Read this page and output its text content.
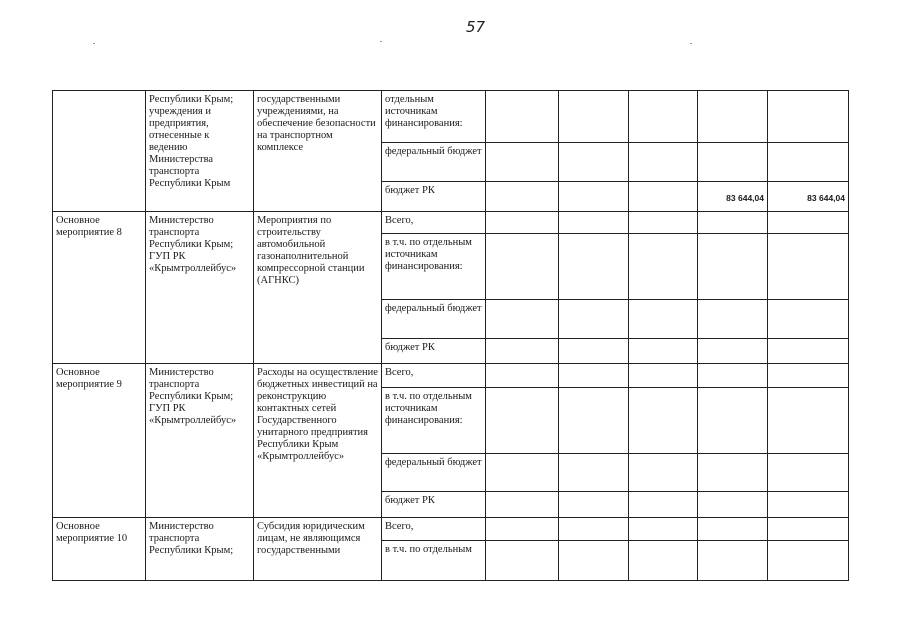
57
	Республики Крым; учреждения и предприятия, отнесенные к ведению Министерства транспорта Республики Крым	государственными учреждениями, на обеспечение безопасности на транспортном комплексе	отдельным источникам финансирования:					
			федеральный бюджет					
			бюджет РК				83 644,04	83 644,04
Основное мероприятие 8	Министерство транспорта Республики Крым; ГУП РК «Крымтроллейбус»	Мероприятия по строительству автомобильной газонаполнительной компрессорной станции (АГНКС)	Всего,					
			в т.ч. по отдельным источникам финансирования:					
			федеральный бюджет					
			бюджет РК					
Основное мероприятие 9	Министерство транспорта Республики Крым; ГУП РК «Крымтроллейбус»	Расходы на осуществление бюджетных инвестиций на реконструкцию контактных сетей Государственного унитарного предприятия Республики Крым «Крымтроллейбус»	Всего,					
			в т.ч. по отдельным источникам финансирования:					
			федеральный бюджет					
			бюджет РК					
Основное мероприятие 10	Министерство транспорта Республики Крым;	Субсидия юридическим лицам, не являющимся государственными	Всего,					
			в т.ч. по отдельным					
